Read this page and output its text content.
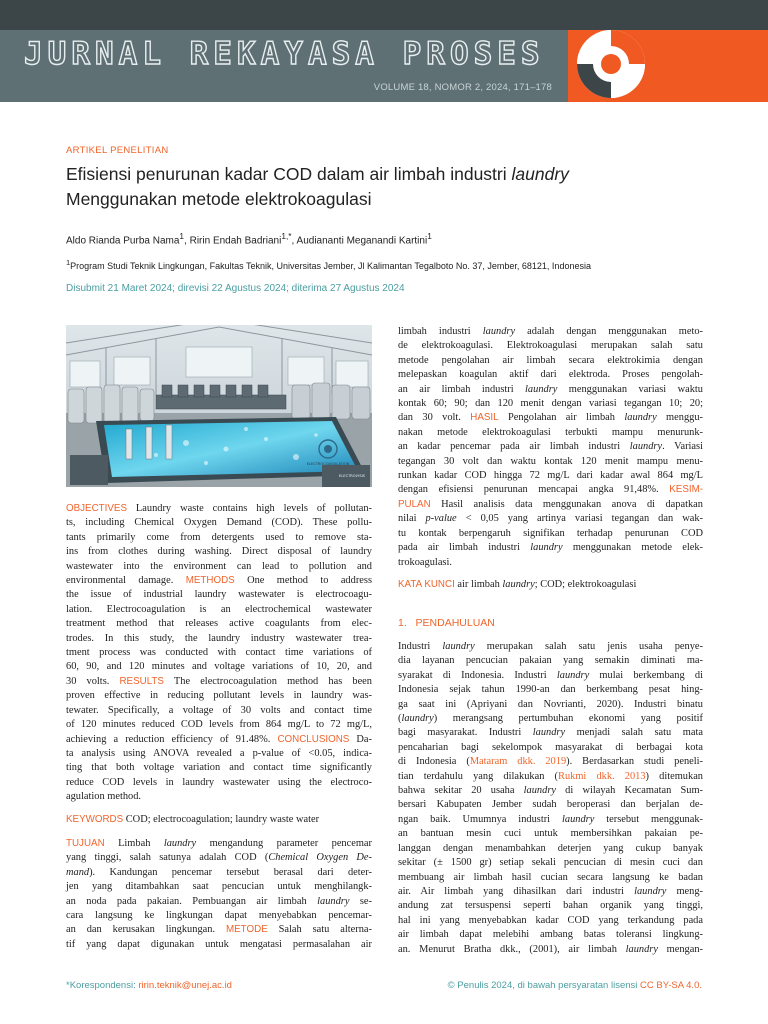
JURNAL REKAYASA PROSES
VOLUME 18, NOMOR 2, 2024, 171–178
ARTIKEL PENELITIAN
Efisiensi penurunan kadar COD dalam air limbah industri laundry
Menggunakan metode elektrokoagulasi
Aldo Rianda Purba Nama$^1$, Ririn Endah Badriani$^{1,*}$, Audiananti Meganandi Kartini$^1$
$^1$Program Studi Teknik Lingkungan, Fakultas Teknik, Universitas Jember, Jl Kalimantan Tegalboto No. 37, Jember, 68121, Indonesia
Disubmit 21 Maret 2024; direvisi 22 Agustus 2024; diterima 27 Agustus 2024
ELECTROCOAGULATION
ELECTROLYSIS
OBJECTIVES Laundry waste contains high levels of pollutan-
ts, including Chemical Oxygen Demand (COD). These pollu-
tants primarily come from detergents used to remove sta-
ins from clothes during washing. Direct disposal of laundry
wastewater into the environment can lead to pollution and
environmental damage. METHODS One method to address
the issue of industrial laundry wastewater is electrocoagu-
lation. Electrocoagulation is an electrochemical wastewater
treatment method that releases active coagulants from elec-
trodes. In this study, the laundry industry wastewater trea-
tment process was conducted with contact time variations of
60, 90, and 120 minutes and voltage variations of 10, 20, and
30 volts. RESULTS The electrocoagulation method has been
proven effective in reducing pollutant levels in laundry was-
tewater. Specifically, a voltage of 30 volts and contact time
of 120 minutes reduced COD levels from 864 mg/L to 72 mg/L,
achieving a reduction efficiency of 91.48%. CONCLUSIONS Da-
ta analysis using ANOVA revealed a p-value of <0.05, indica-
ting that both voltage variation and contact time significantly
reduce COD levels in laundry wastewater using the electroco-
agulation method.
KEYWORDS COD; electrocoagulation; laundry waste water
TUJUAN Limbah laundry mengandung parameter pencemar
yang tinggi, salah satunya adalah COD (Chemical Oxygen De-
mand). Kandungan pencemar tersebut berasal dari deter-
jen yang ditambahkan saat pencucian untuk menghilangk-
an noda pada pakaian. Pembuangan air limbah laundry se-
cara langsung ke lingkungan dapat menyebabkan pencemar-
an dan kerusakan lingkungan. METODE Salah satu alterna-
tif yang dapat digunakan untuk mengatasi permasalahan air
limbah industri laundry adalah dengan menggunakan meto-
de elektrokoagulasi. Elektrokoagulasi merupakan salah satu
metode pengolahan air limbah secara elektrokimia dengan
melepaskan koagulan aktif dari elektroda. Proses pengolah-
an air limbah industri laundry menggunakan variasi waktu
kontak 60; 90; dan 120 menit dengan variasi tegangan 10; 20;
dan 30 volt. HASIL Pengolahan air limbah laundry menggu-
nakan metode elektrokoagulasi terbukti mampu menurunk-
an kadar pencemar pada air limbah industri laundry. Variasi
tegangan 30 volt dan waktu kontak 120 menit mampu menu-
runkan kadar COD hingga 72 mg/L dari kadar awal 864 mg/L
dengan efisiensi penurunan mencapai angka 91,48%. KESIM-
PULAN Hasil analisis data menggunakan anova di dapatkan
nilai p-value < 0,05 yang artinya variasi tegangan dan wak-
tu kontak berpengaruh signifikan terhadap penurunan COD
pada air limbah industri laundry menggunakan metode elek-
trokoagulasi.
KATA KUNCI air limbah laundry; COD; elektrokoagulasi
1. PENDAHULUAN
Industri laundry merupakan salah satu jenis usaha penye-
dia layanan pencucian pakaian yang semakin diminati ma-
syarakat di Indonesia. Industri laundry mulai berkembang di
Indonesia sejak tahun 1990-an dan berkembang pesat hing-
ga saat ini (Apriyani dan Novrianti, 2020). Industri binatu
(laundry) merangsang pertumbuhan ekonomi yang positif
bagi masyarakat. Industri laundry menjadi salah satu mata
pencaharian bagi sekelompok masyarakat di berbagai kota
di Indonesia (Mataram dkk. 2019). Berdasarkan studi peneli-
tian terdahulu yang dilakukan (Rukmi dkk. 2013) ditemukan
bahwa sekitar 20 usaha laundry di wilayah Kecamatan Sum-
bersari Kabupaten Jember sudah beroperasi dan berjalan de-
ngan baik. Umumnya industri laundry tersebut menggunak-
an bantuan mesin cuci untuk membersihkan pakaian pe-
langgan dengan menambahkan deterjen yang cukup banyak
sekitar (± 1500 gr) setiap sekali pencucian di mesin cuci dan
membuang air limbah hasil cucian secara langsung ke badan
air. Air limbah yang dihasilkan dari industri laundry meng-
andung zat tersuspensi seperti bahan organik yang tinggi,
hal ini yang menyebabkan kadar COD yang terkandung pada
air limbah dapat melebihi ambang batas toleransi lingkung-
an. Menurut Bratha dkk., (2001), air limbah laundry mengan-
*Korespondensi: ririn.teknik@unej.ac.id	© Penulis 2024, di bawah persyaratan lisensi CC BY-SA 4.0.
